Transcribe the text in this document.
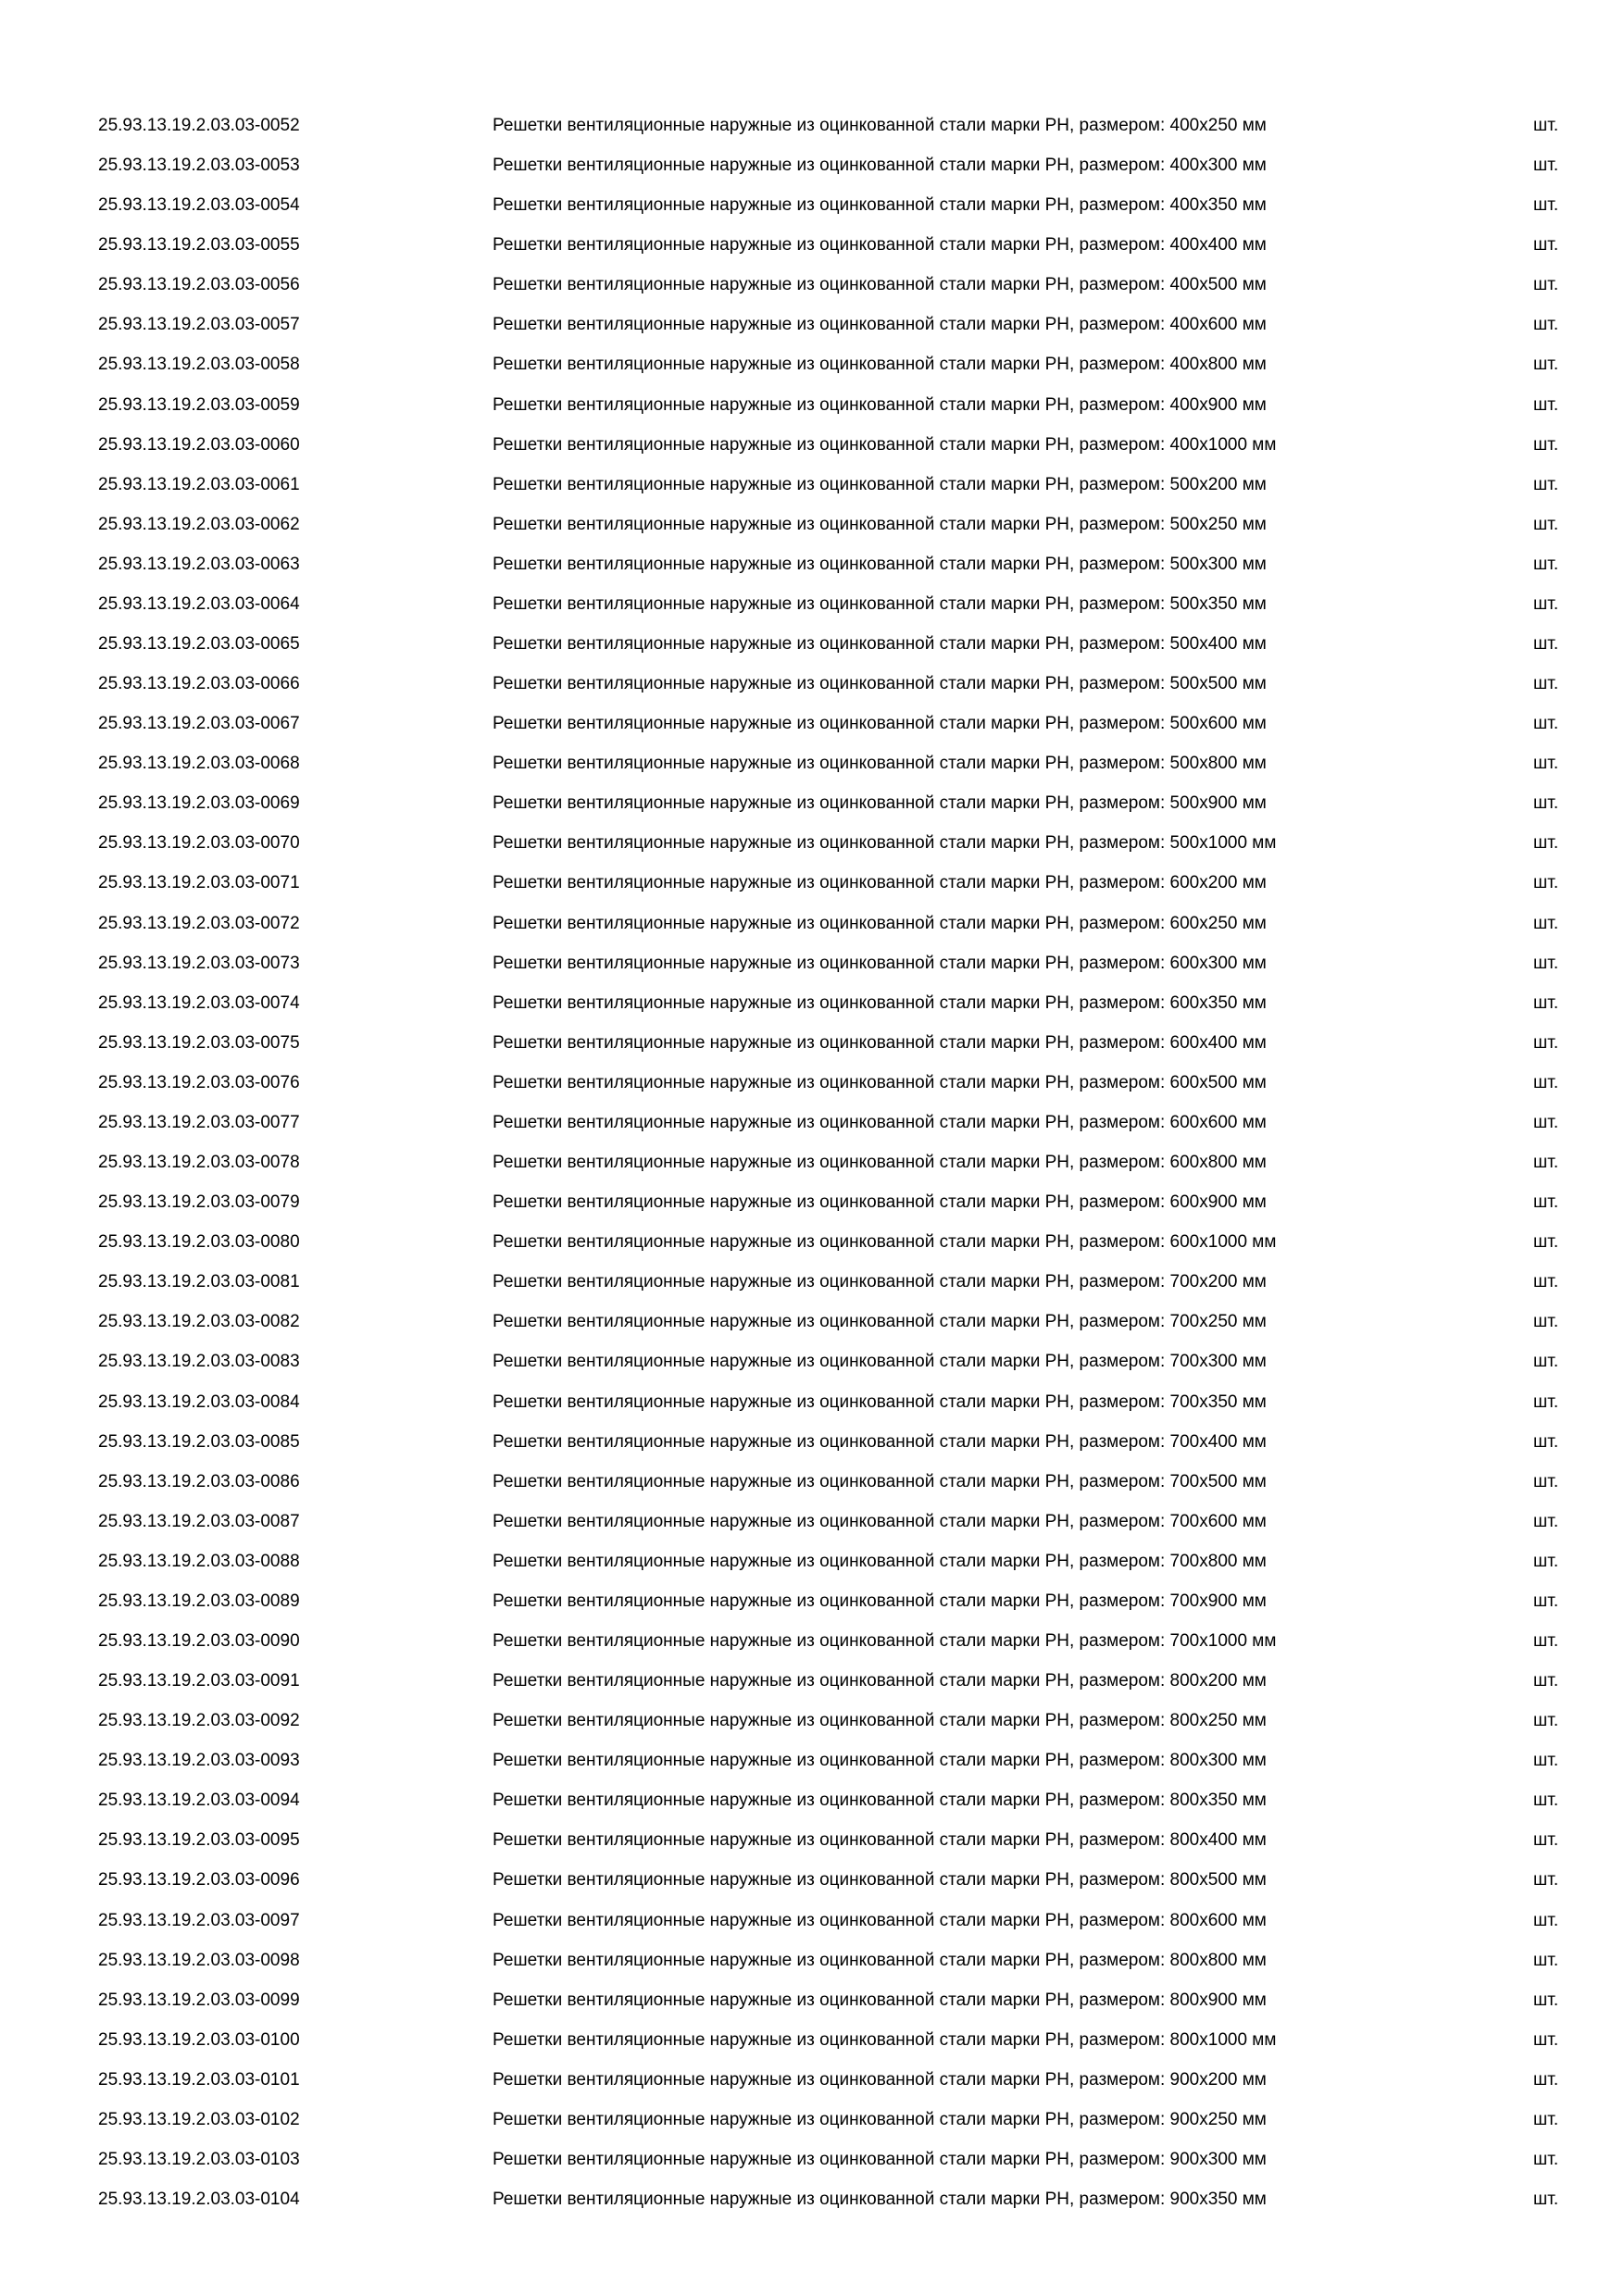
25.93.13.19.2.03.03-0052	Решетки вентиляционные наружные из оцинкованной стали марки РН, размером: 400х250 мм	шт.
25.93.13.19.2.03.03-0053	Решетки вентиляционные наружные из оцинкованной стали марки РН, размером: 400х300 мм	шт.
25.93.13.19.2.03.03-0054	Решетки вентиляционные наружные из оцинкованной стали марки РН, размером: 400х350 мм	шт.
25.93.13.19.2.03.03-0055	Решетки вентиляционные наружные из оцинкованной стали марки РН, размером: 400х400 мм	шт.
25.93.13.19.2.03.03-0056	Решетки вентиляционные наружные из оцинкованной стали марки РН, размером: 400х500 мм	шт.
25.93.13.19.2.03.03-0057	Решетки вентиляционные наружные из оцинкованной стали марки РН, размером: 400х600 мм	шт.
25.93.13.19.2.03.03-0058	Решетки вентиляционные наружные из оцинкованной стали марки РН, размером: 400х800 мм	шт.
25.93.13.19.2.03.03-0059	Решетки вентиляционные наружные из оцинкованной стали марки РН, размером: 400х900 мм	шт.
25.93.13.19.2.03.03-0060	Решетки вентиляционные наружные из оцинкованной стали марки РН, размером: 400х1000 мм	шт.
25.93.13.19.2.03.03-0061	Решетки вентиляционные наружные из оцинкованной стали марки РН, размером: 500х200 мм	шт.
25.93.13.19.2.03.03-0062	Решетки вентиляционные наружные из оцинкованной стали марки РН, размером: 500х250 мм	шт.
25.93.13.19.2.03.03-0063	Решетки вентиляционные наружные из оцинкованной стали марки РН, размером: 500х300 мм	шт.
25.93.13.19.2.03.03-0064	Решетки вентиляционные наружные из оцинкованной стали марки РН, размером: 500х350 мм	шт.
25.93.13.19.2.03.03-0065	Решетки вентиляционные наружные из оцинкованной стали марки РН, размером: 500х400 мм	шт.
25.93.13.19.2.03.03-0066	Решетки вентиляционные наружные из оцинкованной стали марки РН, размером: 500х500 мм	шт.
25.93.13.19.2.03.03-0067	Решетки вентиляционные наружные из оцинкованной стали марки РН, размером: 500х600 мм	шт.
25.93.13.19.2.03.03-0068	Решетки вентиляционные наружные из оцинкованной стали марки РН, размером: 500х800 мм	шт.
25.93.13.19.2.03.03-0069	Решетки вентиляционные наружные из оцинкованной стали марки РН, размером: 500х900 мм	шт.
25.93.13.19.2.03.03-0070	Решетки вентиляционные наружные из оцинкованной стали марки РН, размером: 500х1000 мм	шт.
25.93.13.19.2.03.03-0071	Решетки вентиляционные наружные из оцинкованной стали марки РН, размером: 600х200 мм	шт.
25.93.13.19.2.03.03-0072	Решетки вентиляционные наружные из оцинкованной стали марки РН, размером: 600х250 мм	шт.
25.93.13.19.2.03.03-0073	Решетки вентиляционные наружные из оцинкованной стали марки РН, размером: 600х300 мм	шт.
25.93.13.19.2.03.03-0074	Решетки вентиляционные наружные из оцинкованной стали марки РН, размером: 600х350 мм	шт.
25.93.13.19.2.03.03-0075	Решетки вентиляционные наружные из оцинкованной стали марки РН, размером: 600х400 мм	шт.
25.93.13.19.2.03.03-0076	Решетки вентиляционные наружные из оцинкованной стали марки РН, размером: 600х500 мм	шт.
25.93.13.19.2.03.03-0077	Решетки вентиляционные наружные из оцинкованной стали марки РН, размером: 600х600 мм	шт.
25.93.13.19.2.03.03-0078	Решетки вентиляционные наружные из оцинкованной стали марки РН, размером: 600х800 мм	шт.
25.93.13.19.2.03.03-0079	Решетки вентиляционные наружные из оцинкованной стали марки РН, размером: 600х900 мм	шт.
25.93.13.19.2.03.03-0080	Решетки вентиляционные наружные из оцинкованной стали марки РН, размером: 600х1000 мм	шт.
25.93.13.19.2.03.03-0081	Решетки вентиляционные наружные из оцинкованной стали марки РН, размером: 700х200 мм	шт.
25.93.13.19.2.03.03-0082	Решетки вентиляционные наружные из оцинкованной стали марки РН, размером: 700х250 мм	шт.
25.93.13.19.2.03.03-0083	Решетки вентиляционные наружные из оцинкованной стали марки РН, размером: 700х300 мм	шт.
25.93.13.19.2.03.03-0084	Решетки вентиляционные наружные из оцинкованной стали марки РН, размером: 700х350 мм	шт.
25.93.13.19.2.03.03-0085	Решетки вентиляционные наружные из оцинкованной стали марки РН, размером: 700х400 мм	шт.
25.93.13.19.2.03.03-0086	Решетки вентиляционные наружные из оцинкованной стали марки РН, размером: 700х500 мм	шт.
25.93.13.19.2.03.03-0087	Решетки вентиляционные наружные из оцинкованной стали марки РН, размером: 700х600 мм	шт.
25.93.13.19.2.03.03-0088	Решетки вентиляционные наружные из оцинкованной стали марки РН, размером: 700х800 мм	шт.
25.93.13.19.2.03.03-0089	Решетки вентиляционные наружные из оцинкованной стали марки РН, размером: 700х900 мм	шт.
25.93.13.19.2.03.03-0090	Решетки вентиляционные наружные из оцинкованной стали марки РН, размером: 700х1000 мм	шт.
25.93.13.19.2.03.03-0091	Решетки вентиляционные наружные из оцинкованной стали марки РН, размером: 800х200 мм	шт.
25.93.13.19.2.03.03-0092	Решетки вентиляционные наружные из оцинкованной стали марки РН, размером: 800х250 мм	шт.
25.93.13.19.2.03.03-0093	Решетки вентиляционные наружные из оцинкованной стали марки РН, размером: 800х300 мм	шт.
25.93.13.19.2.03.03-0094	Решетки вентиляционные наружные из оцинкованной стали марки РН, размером: 800х350 мм	шт.
25.93.13.19.2.03.03-0095	Решетки вентиляционные наружные из оцинкованной стали марки РН, размером: 800х400 мм	шт.
25.93.13.19.2.03.03-0096	Решетки вентиляционные наружные из оцинкованной стали марки РН, размером: 800х500 мм	шт.
25.93.13.19.2.03.03-0097	Решетки вентиляционные наружные из оцинкованной стали марки РН, размером: 800х600 мм	шт.
25.93.13.19.2.03.03-0098	Решетки вентиляционные наружные из оцинкованной стали марки РН, размером: 800х800 мм	шт.
25.93.13.19.2.03.03-0099	Решетки вентиляционные наружные из оцинкованной стали марки РН, размером: 800х900 мм	шт.
25.93.13.19.2.03.03-0100	Решетки вентиляционные наружные из оцинкованной стали марки РН, размером: 800х1000 мм	шт.
25.93.13.19.2.03.03-0101	Решетки вентиляционные наружные из оцинкованной стали марки РН, размером: 900х200 мм	шт.
25.93.13.19.2.03.03-0102	Решетки вентиляционные наружные из оцинкованной стали марки РН, размером: 900х250 мм	шт.
25.93.13.19.2.03.03-0103	Решетки вентиляционные наружные из оцинкованной стали марки РН, размером: 900х300 мм	шт.
25.93.13.19.2.03.03-0104	Решетки вентиляционные наружные из оцинкованной стали марки РН, размером: 900х350 мм	шт.
